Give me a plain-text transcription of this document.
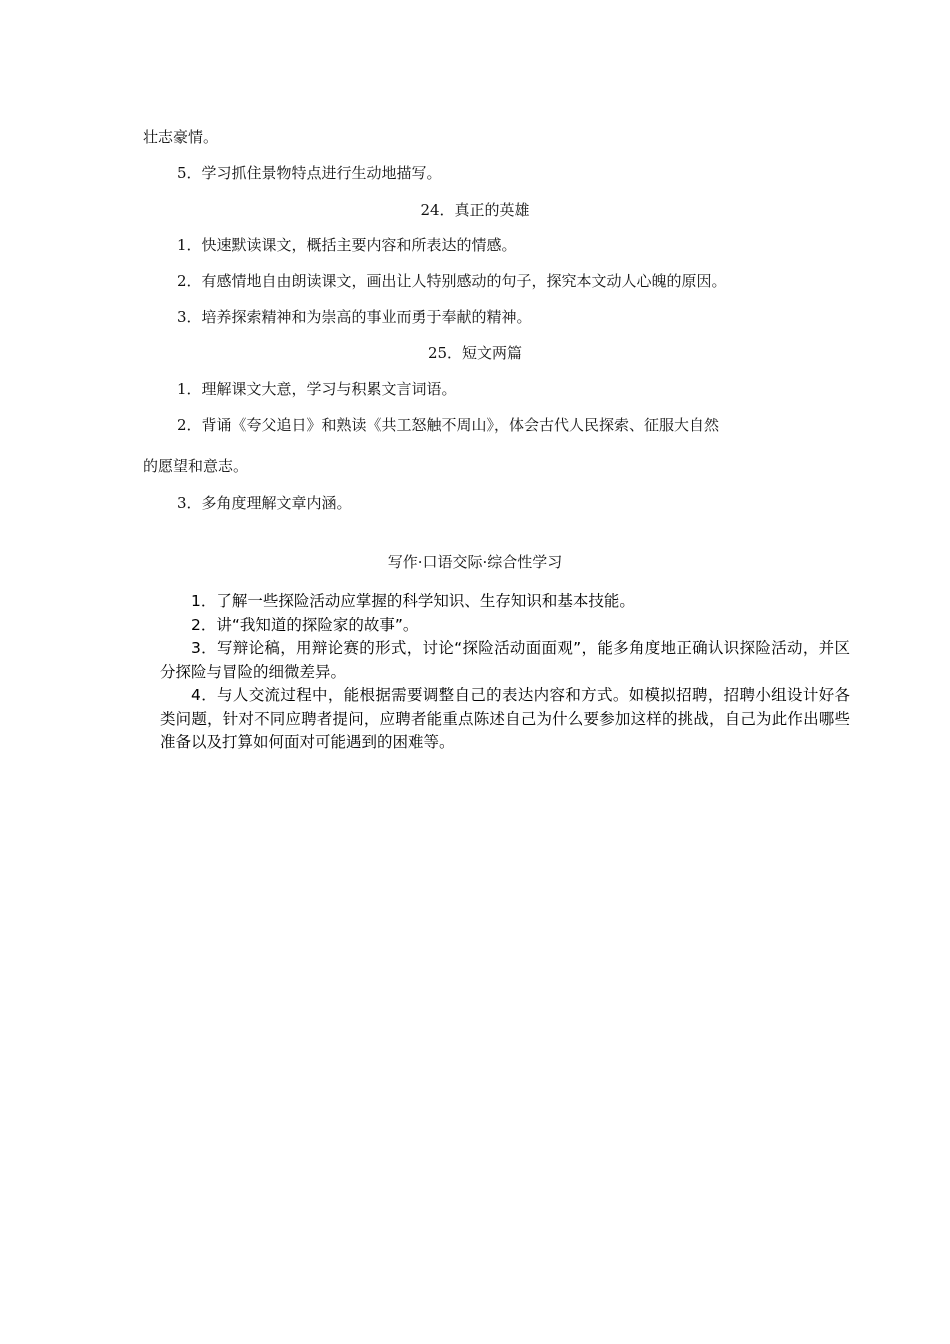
壮志豪情。
5．学习抓住景物特点进行生动地描写。
24．真正的英雄
1．快速默读课文，概括主要内容和所表达的情感。
2．有感情地自由朗读课文，画出让人特别感动的句子，探究本文动人心魄的原因。
3．培养探索精神和为崇高的事业而勇于奉献的精神。
25．短文两篇
1．理解课文大意，学习与积累文言词语。
2．背诵《夸父追日》和熟读《共工怒触不周山》，体会古代人民探索、征服大自然
的愿望和意志。
3．多角度理解文章内涵。
写作·口语交际·综合性学习

1．了解一些探险活动应掌握的科学知识、生存知识和基本技能。

2．讲“我知道的探险家的故事”。

3．写辩论稿，用辩论赛的形式，讨论“探险活动面面观”，能多角度地正确认识探险活动，并区分探险与冒险的细微差异。

4．与人交流过程中，能根据需要调整自己的表达内容和方式。如模拟招聘，招聘小组设计好各类问题，针对不同应聘者提问，应聘者能重点陈述自己为什么要参加这样的挑战，自己为此作出哪些准备以及打算如何面对可能遇到的困难等。
